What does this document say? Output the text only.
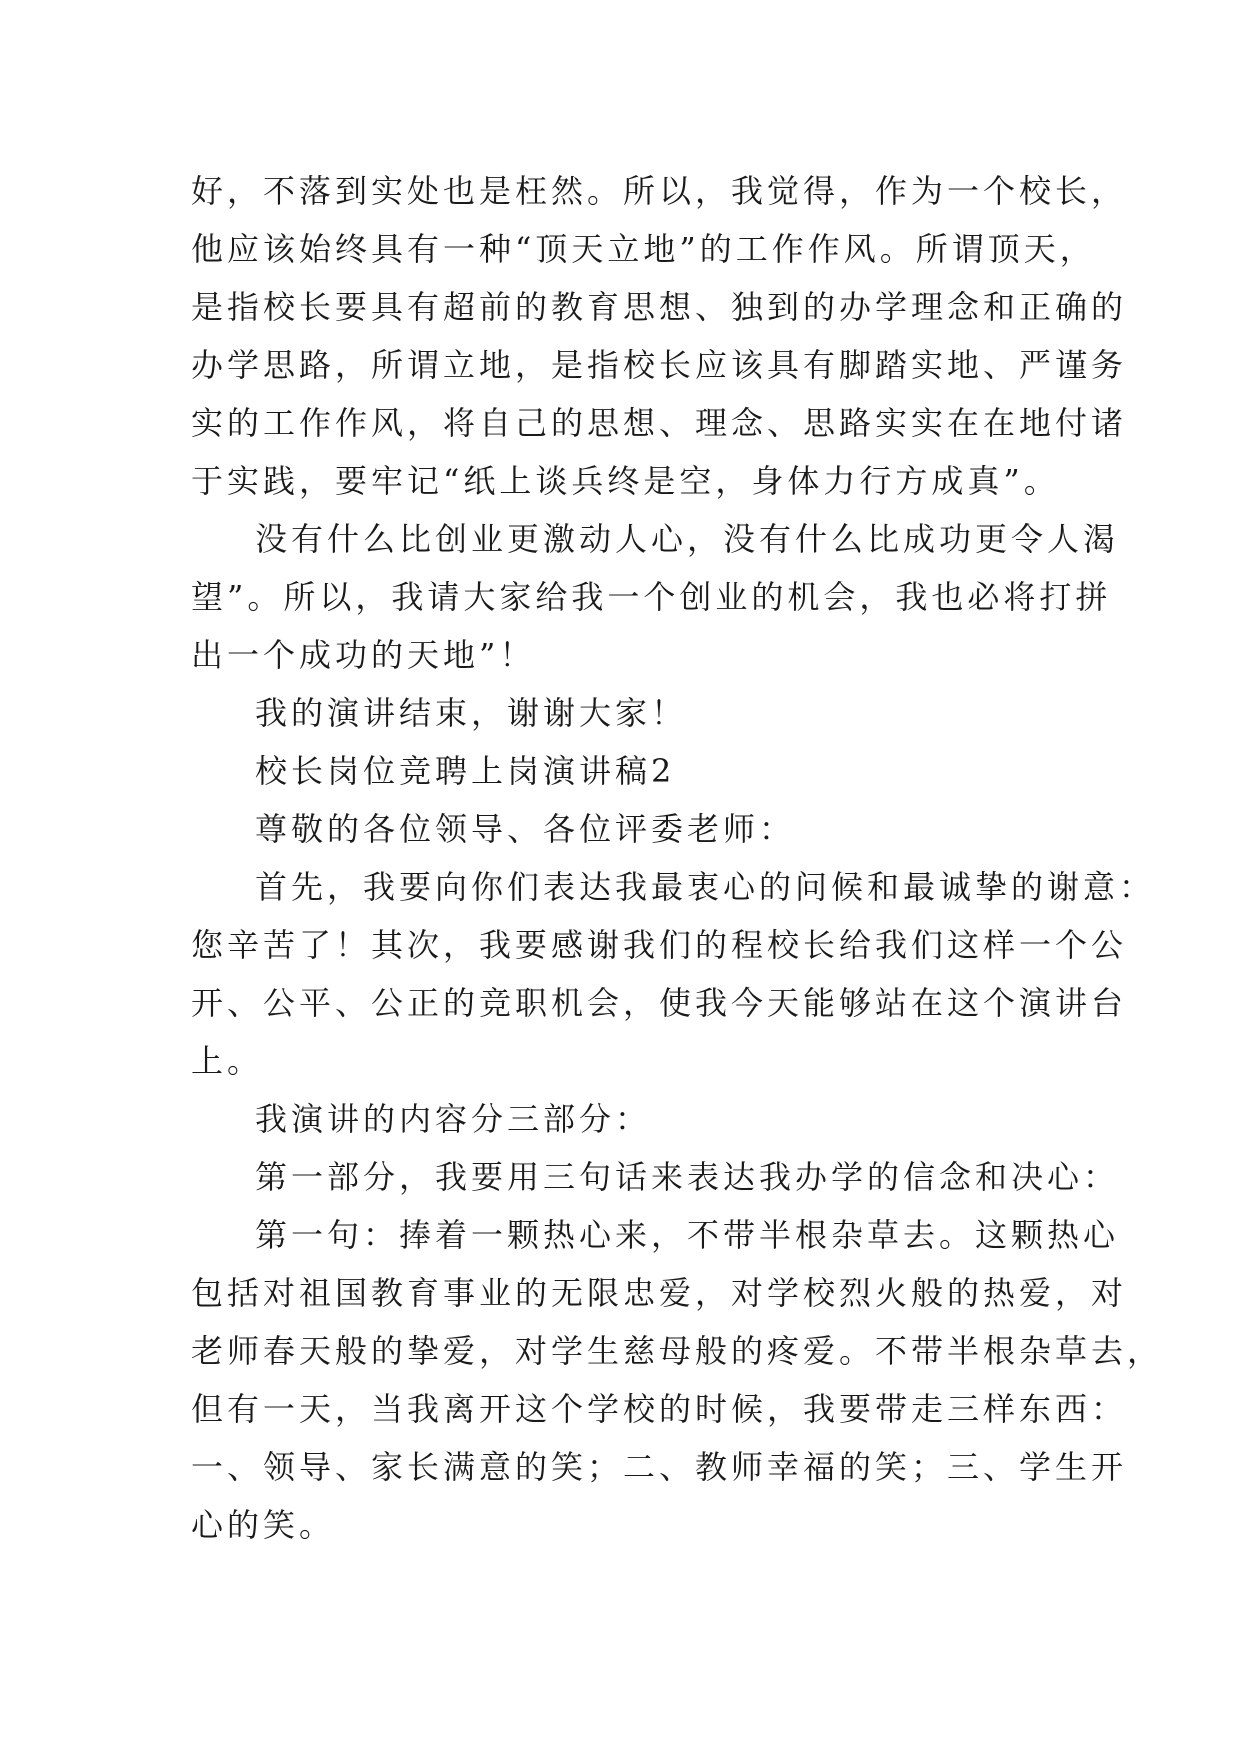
好，不落到实处也是枉然。所以，我觉得，作为一个校长，
他应该始终具有一种“顶天立地”的工作作风。所谓顶天，
是指校长要具有超前的教育思想、独到的办学理念和正确的
办学思路，所谓立地，是指校长应该具有脚踏实地、严谨务
实的工作作风，将自己的思想、理念、思路实实在在地付诸
于实践，要牢记“纸上谈兵终是空，身体力行方成真”。
没有什么比创业更激动人心，没有什么比成功更令人渴
望”。所以，我请大家给我一个创业的机会，我也必将打拼
出一个成功的天地”！
我的演讲结束，谢谢大家！
校长岗位竞聘上岗演讲稿2
尊敬的各位领导、各位评委老师：
首先，我要向你们表达我最衷心的问候和最诚挚的谢意：
您辛苦了！其次，我要感谢我们的程校长给我们这样一个公
开、公平、公正的竞职机会，使我今天能够站在这个演讲台
上。
我演讲的内容分三部分：
第一部分，我要用三句话来表达我办学的信念和决心：
第一句：捧着一颗热心来，不带半根杂草去。这颗热心
包括对祖国教育事业的无限忠爱，对学校烈火般的热爱，对
老师春天般的挚爱，对学生慈母般的疼爱。不带半根杂草去，
但有一天，当我离开这个学校的时候，我要带走三样东西：
一、领导、家长满意的笑；二、教师幸福的笑；三、学生开
心的笑。
